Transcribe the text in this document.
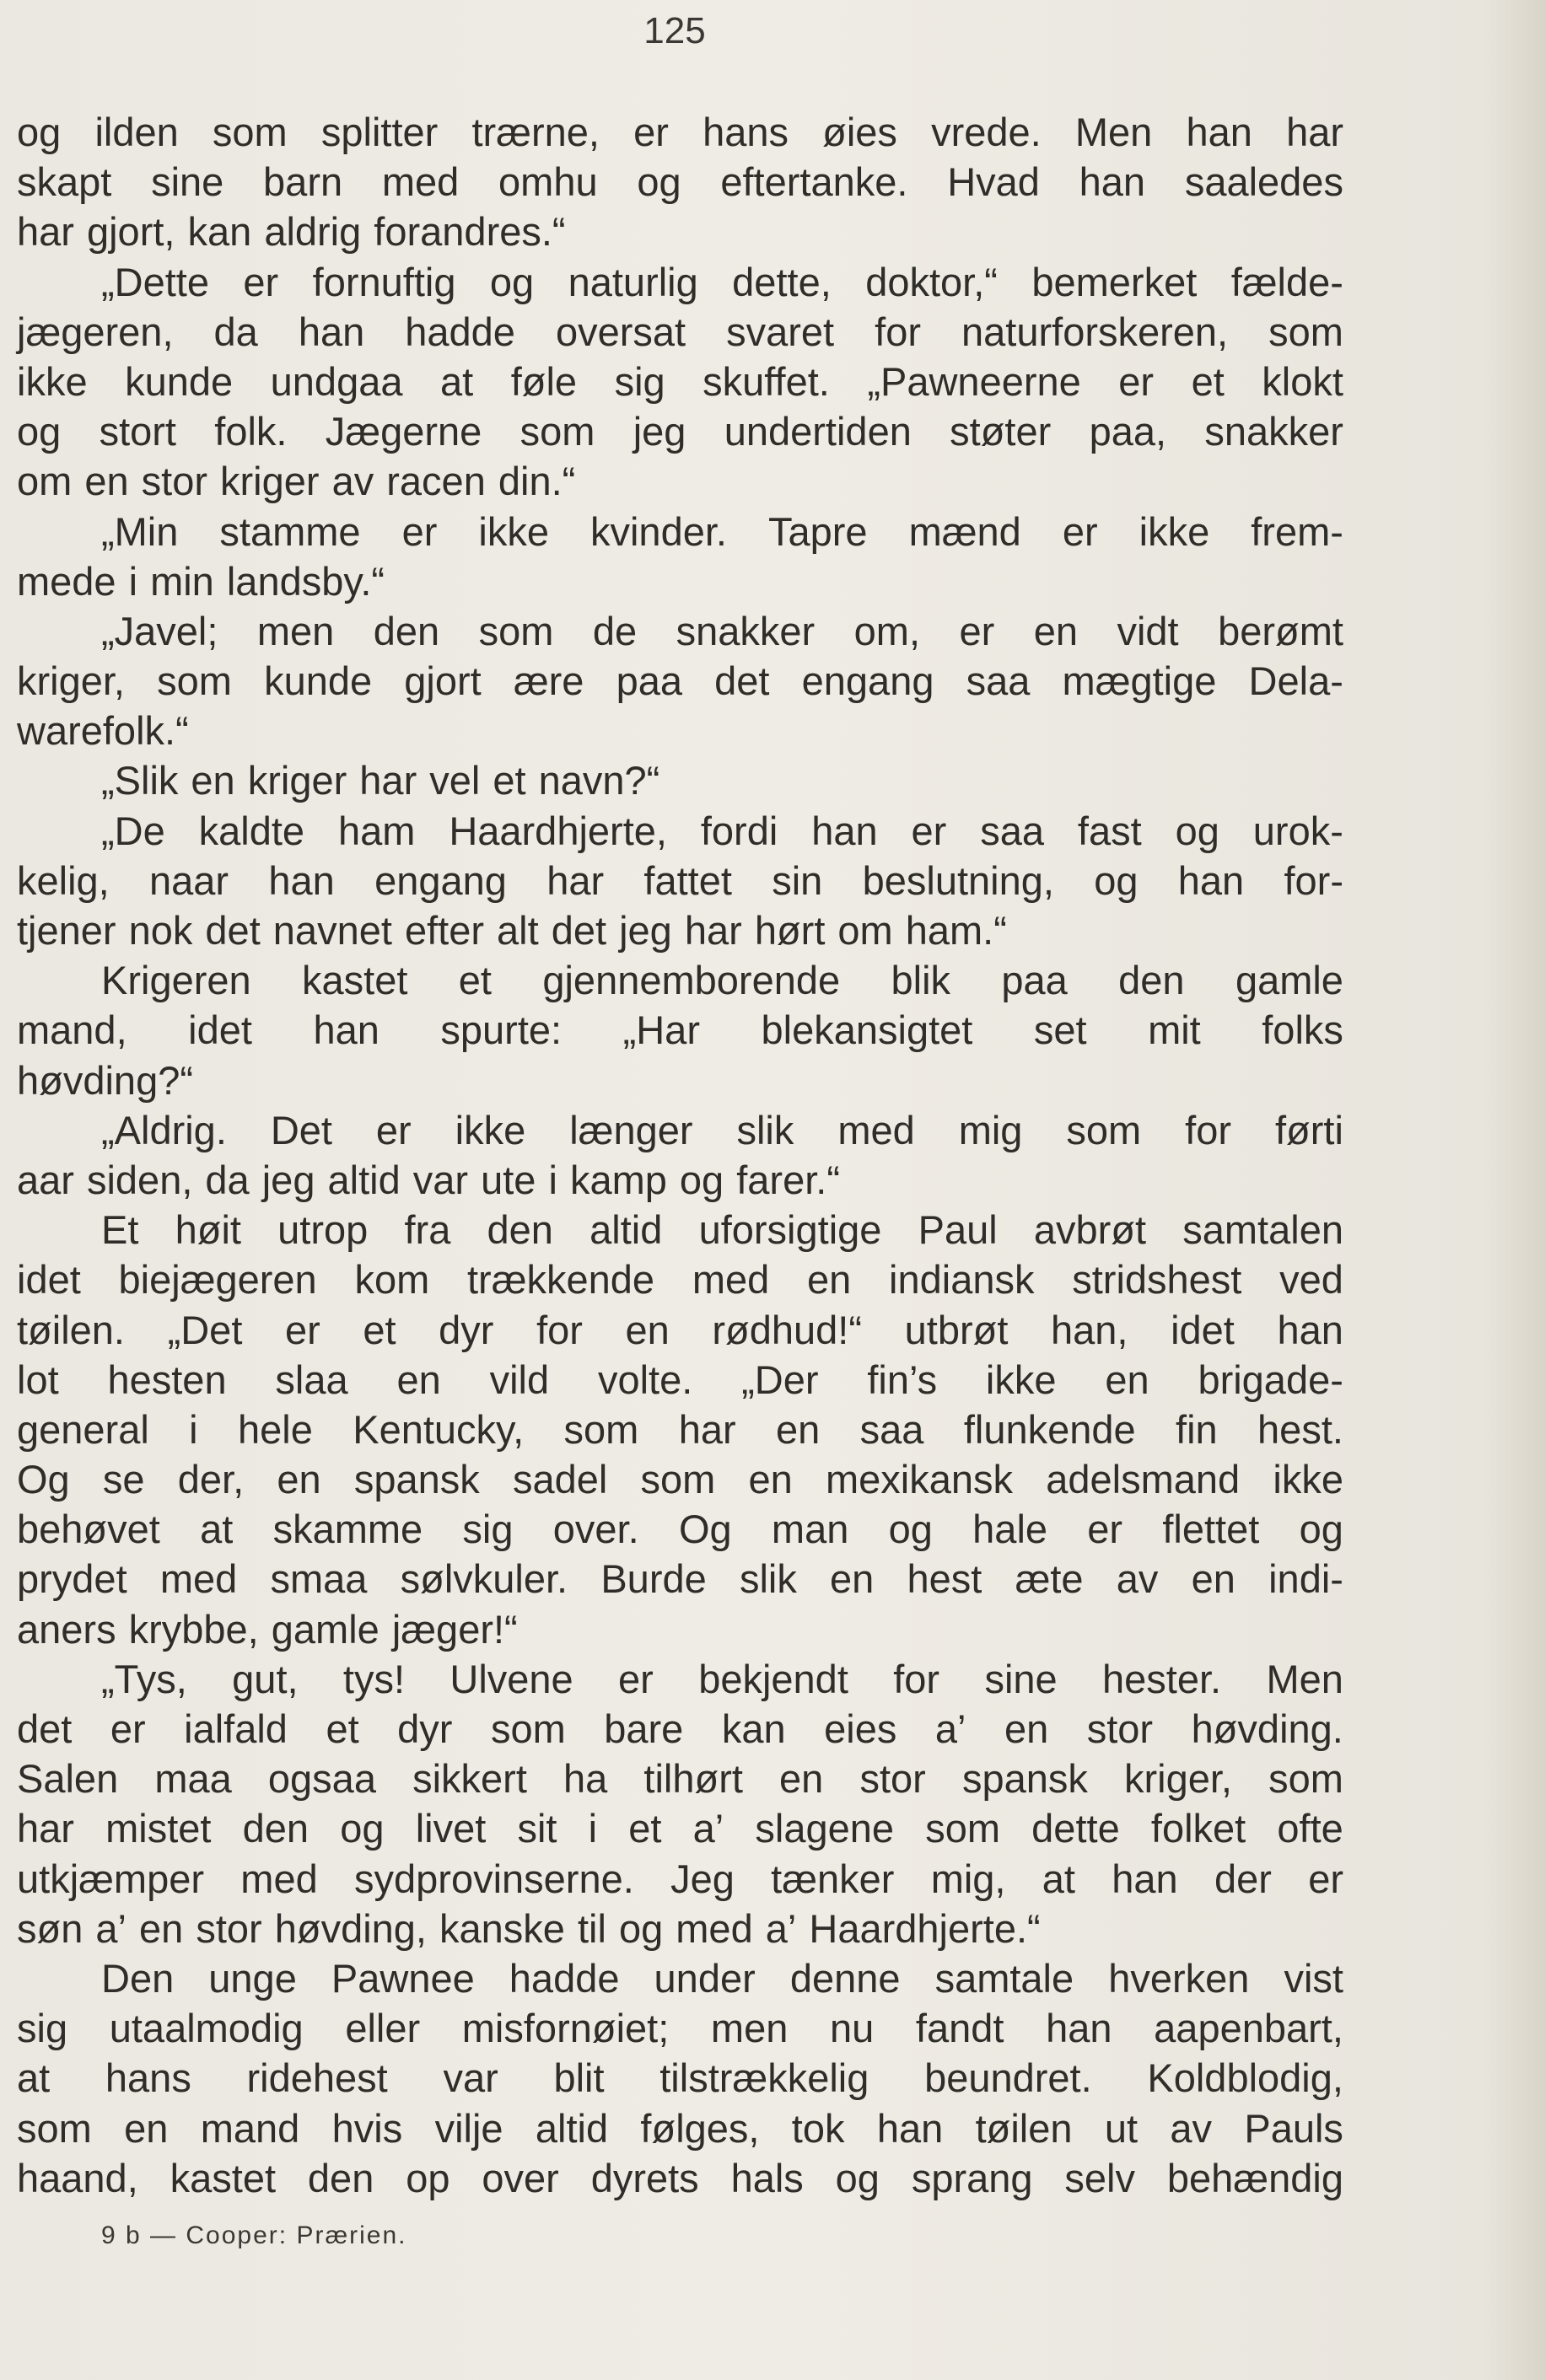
125
og ilden som splitter trærne, er hans øies vrede. Men han har
skapt sine barn med omhu og eftertanke. Hvad han saaledes
har gjort, kan aldrig forandres.“
„Dette er fornuftig og naturlig dette, doktor,“ bemerket fælde-
jægeren, da han hadde oversat svaret for naturforskeren, som
ikke kunde undgaa at føle sig skuffet. „Pawneerne er et klokt
og stort folk. Jægerne som jeg undertiden støter paa, snakker
om en stor kriger av racen din.“
„Min stamme er ikke kvinder. Tapre mænd er ikke frem-
mede i min landsby.“
„Javel; men den som de snakker om, er en vidt berømt
kriger, som kunde gjort ære paa det engang saa mægtige Dela-
warefolk.“
„Slik en kriger har vel et navn?“
„De kaldte ham Haardhjerte, fordi han er saa fast og urok-
kelig, naar han engang har fattet sin beslutning, og han for-
tjener nok det navnet efter alt det jeg har hørt om ham.“
Krigeren kastet et gjennemborende blik paa den gamle
mand, idet han spurte: „Har blekansigtet set mit folks
høvding?“
„Aldrig. Det er ikke længer slik med mig som for førti
aar siden, da jeg altid var ute i kamp og farer.“
Et høit utrop fra den altid uforsigtige Paul avbrøt samtalen
idet biejægeren kom trækkende med en indiansk stridshest ved
tøilen. „Det er et dyr for en rødhud!“ utbrøt han, idet han
lot hesten slaa en vild volte. „Der fin’s ikke en brigade-
general i hele Kentucky, som har en saa flunkende fin hest.
Og se der, en spansk sadel som en mexikansk adelsmand ikke
behøvet at skamme sig over. Og man og hale er flettet og
prydet med smaa sølvkuler. Burde slik en hest æte av en indi-
aners krybbe, gamle jæger!“
„Tys, gut, tys! Ulvene er bekjendt for sine hester. Men
det er ialfald et dyr som bare kan eies a’ en stor høvding.
Salen maa ogsaa sikkert ha tilhørt en stor spansk kriger, som
har mistet den og livet sit i et a’ slagene som dette folket ofte
utkjæmper med sydprovinserne. Jeg tænker mig, at han der er
søn a’ en stor høvding, kanske til og med a’ Haardhjerte.“
Den unge Pawnee hadde under denne samtale hverken vist
sig utaalmodig eller misfornøiet; men nu fandt han aapenbart,
at hans ridehest var blit tilstrækkelig beundret. Koldblodig,
som en mand hvis vilje altid følges, tok han tøilen ut av Pauls
haand, kastet den op over dyrets hals og sprang selv behændig
9 b — Cooper: Prærien.
